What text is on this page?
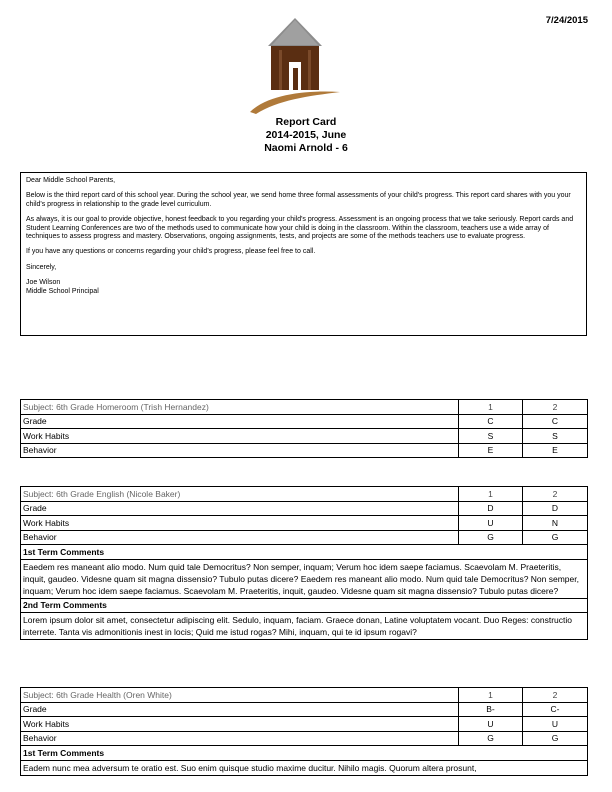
7/24/2015
Report Card
2014-2015, June
Naomi Arnold - 6

Dear Middle School Parents,

Below is the third report card of this school year. During the school year, we send home three formal assessments of your child's progress. This report card shares with you your child's progress in relationship to the grade level curriculum.

As always, it is our goal to provide objective, honest feedback to you regarding your child's progress. Assessment is an ongoing process that we take seriously. Report cards and Student Learning Conferences are two of the methods used to communicate how your child is doing in the classroom. Within the classroom, teachers use a wide array of techniques to assess progress and mastery. Observations, ongoing assignments, tests, and projects are some of the methods teachers use to evaluate progress.

If you have any questions or concerns regarding your child's progress, please feel free to call.

Sincerely,

Joe Wilson

Middle School Principal

Subject: 6th Grade Homeroom (Trish Hernandez)	1	2
Grade	C	C
Work Habits	S	S
Behavior	E	E
Subject: 6th Grade English (Nicole Baker)	1	2
Grade	D	D
Work Habits	U	N
Behavior	G	G
1st Term Comments		
Eaedem res maneant alio modo. Num quid tale Democritus? Non semper, inquam; Verum hoc idem saepe faciamus. Scaevolam M. Praeteritis, inquit, gaudeo. Videsne quam sit magna dissensio? Tubulo putas dicere? Eaedem res maneant alio modo. Num quid tale Democritus? Non semper, inquam; Verum hoc idem saepe faciamus. Scaevolam M. Praeteritis, inquit, gaudeo. Videsne quam sit magna dissensio? Tubulo putas dicere?		
2nd Term Comments		
Lorem ipsum dolor sit amet, consectetur adipiscing elit. Sedulo, inquam, faciam. Graece donan, Latine voluptatem vocant. Duo Reges: constructio interrete. Tanta vis admonitionis inest in locis; Quid me istud rogas? Mihi, inquam, qui te id ipsum rogavi?		
Subject: 6th Grade Health (Oren White)	1	2
Grade	B-	C-
Work Habits	U	U
Behavior	G	G
1st Term Comments		
Eadem nunc mea adversum te oratio est. Suo enim quisque studio maxime ducitur. Nihilo magis. Quorum altera prosunt,		
